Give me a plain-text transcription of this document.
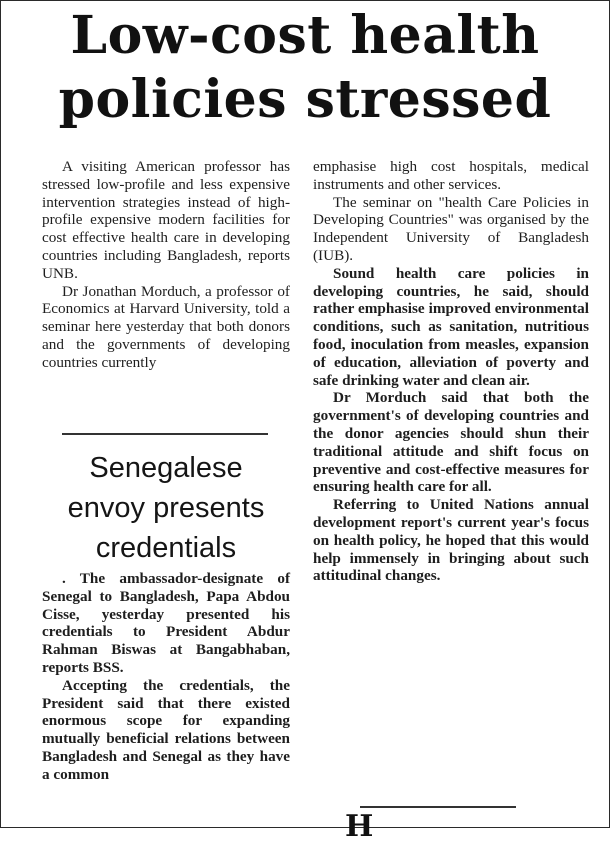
Low-cost health
policies stressed

A visiting American professor has stressed low-profile and less expensive intervention strategies instead of high-profile expensive modern facilities for cost effective health care in developing countries including Bangladesh, reports UNB.

Dr Jonathan Morduch, a professor of Economics at Harvard University, told a seminar here yesterday that both donors and the governments of developing countries currently

Senegalese
envoy presents
credentials

. The ambassador-designate of Senegal to Bangladesh, Papa Abdou Cisse, yesterday presented his credentials to President Abdur Rahman Biswas at Bangabhaban, reports BSS.

Accepting the credentials, the President said that there existed enormous scope for expanding mutually beneficial relations between Bangladesh and Senegal as they have a common

emphasise high cost hospitals, medical instruments and other services.

The seminar on "health Care Policies in Developing Countries" was organised by the Independent University of Bangladesh (IUB).

Sound health care policies in developing countries, he said, should rather emphasise improved environmental conditions, such as sanitation, nutritious food, inoculation from measles, expansion of education, alleviation of poverty and safe drinking water and clean air.

Dr Morduch said that both the government's of developing countries and the donor agencies should shun their traditional attitude and shift focus on preventive and cost-effective measures for ensuring health care for all.

Referring to United Nations annual development report's current year's focus on health policy, he hoped that this would help immensely in bringing about such attitudinal changes.

H
